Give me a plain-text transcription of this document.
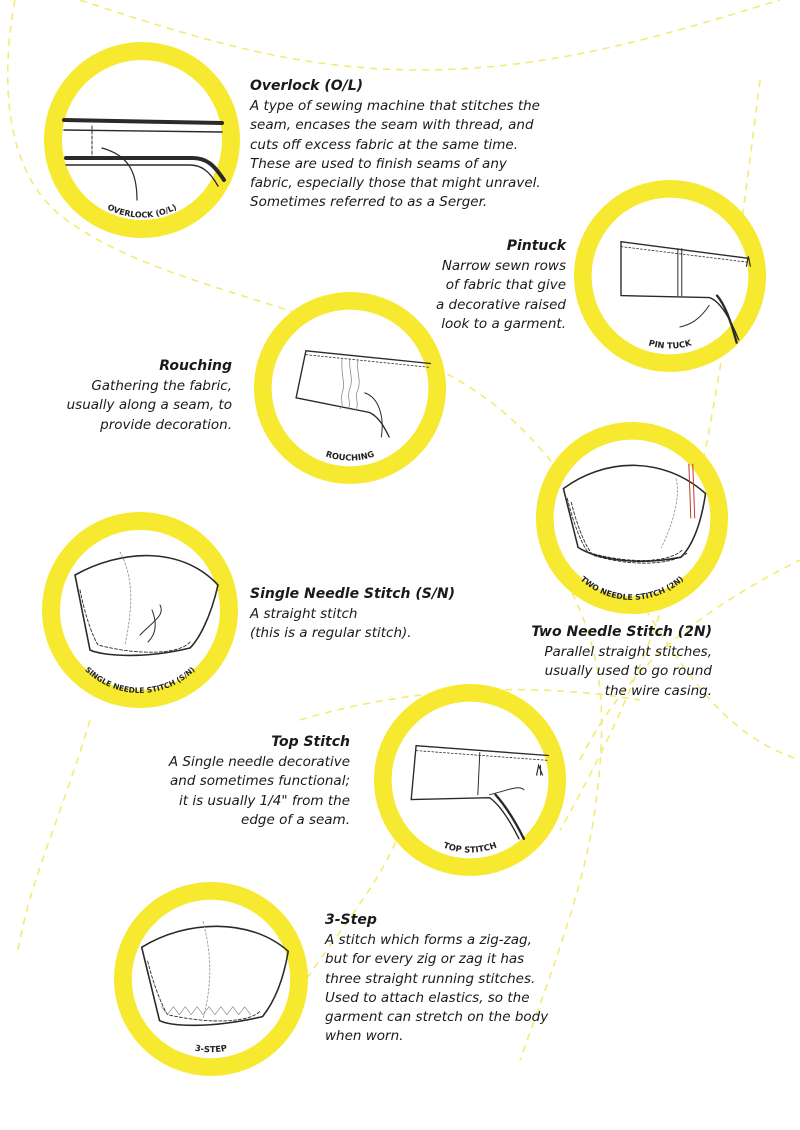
OVERLOCK (O/L)
Overlock (O/L)
A type of sewing machine that stitches the
seam, encases the seam with thread, and
cuts off excess fabric at the same time.
These are used to finish seams of any
fabric, especially those that might unravel.
Sometimes referred to as a Serger.
PIN TUCK
Pintuck
Narrow sewn rows
of fabric that give
a decorative raised
look to a garment.
ROUCHING
Rouching
Gathering the fabric,
usually along a seam, to
provide decoration.
TWO NEEDLE STITCH (2N)
Two Needle Stitch (2N)
Parallel straight stitches,
usually used to go round
the wire casing.
SINGLE NEEDLE STITCH (S/N)
Single Needle Stitch (S/N)
A straight stitch
(this is a regular stitch).
TOP STITCH
Top Stitch
A Single needle decorative
and sometimes functional;
it is usually 1/4" from the
edge of a seam.
3-STEP
3-Step
A stitch which forms a zig-zag,
but for every zig or zag it has
three straight running stitches.
Used to attach elastics, so the
garment can stretch on the body
when worn.
